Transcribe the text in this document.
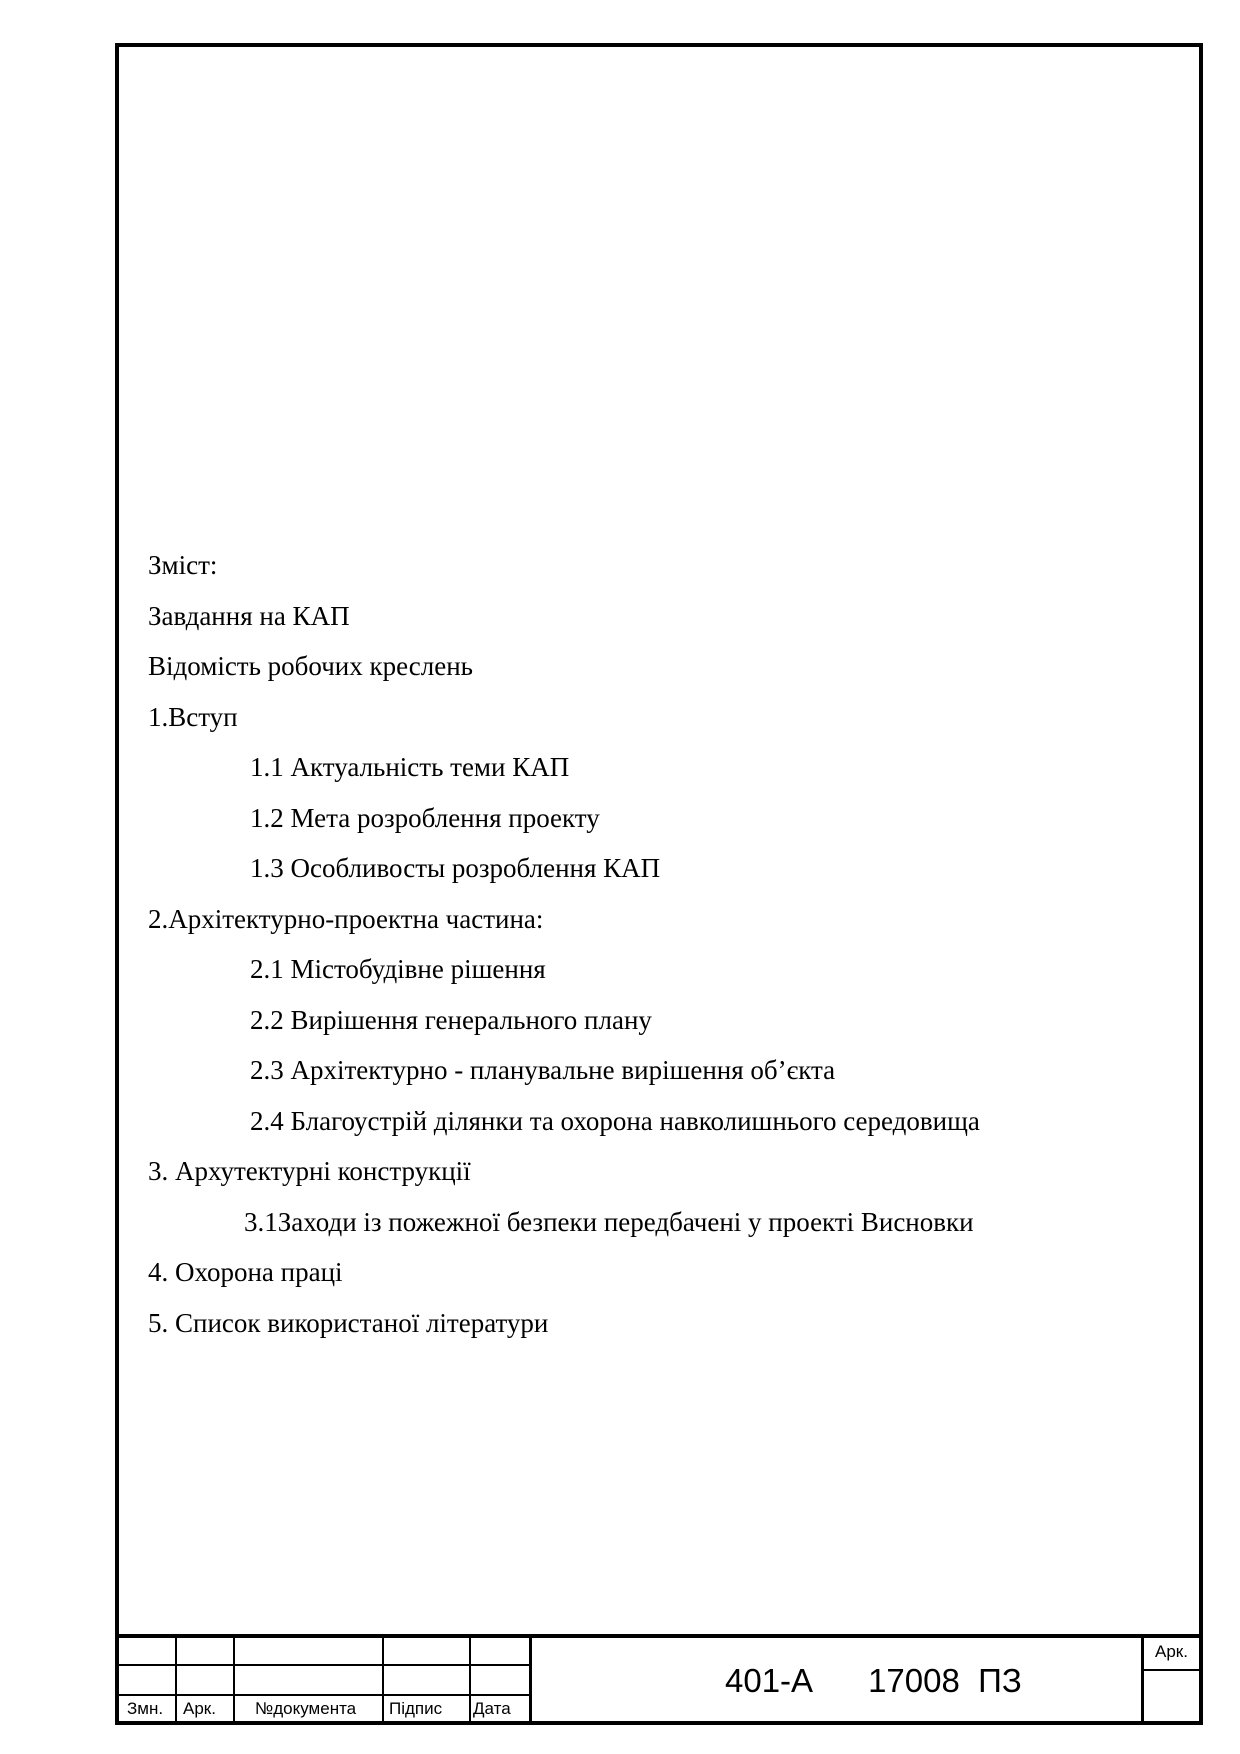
Зміст:
Завдання на КАП
Відомість робочих креслень
1.Вступ
1.1 Актуальність теми КАП
1.2 Мета розроблення проекту
1.3 Особливосты розроблення КАП
2.Архітектурно-проектна частина:
2.1 Містобудівне рішення
2.2 Вирішення генерального плану
2.3 Архітектурно - планувальне вирішення об’єкта
2.4 Благоустрій ділянки та охорона навколишнього середовища
3. Архутектурні конструкції
3.1Заходи із пожежної безпеки передбачені у проекті Висновки
4. Охорона праці
5. Список використаної літератури
Змн. Арк. №документа Підпис Дата
401-А      17008  ПЗ
Арк.
